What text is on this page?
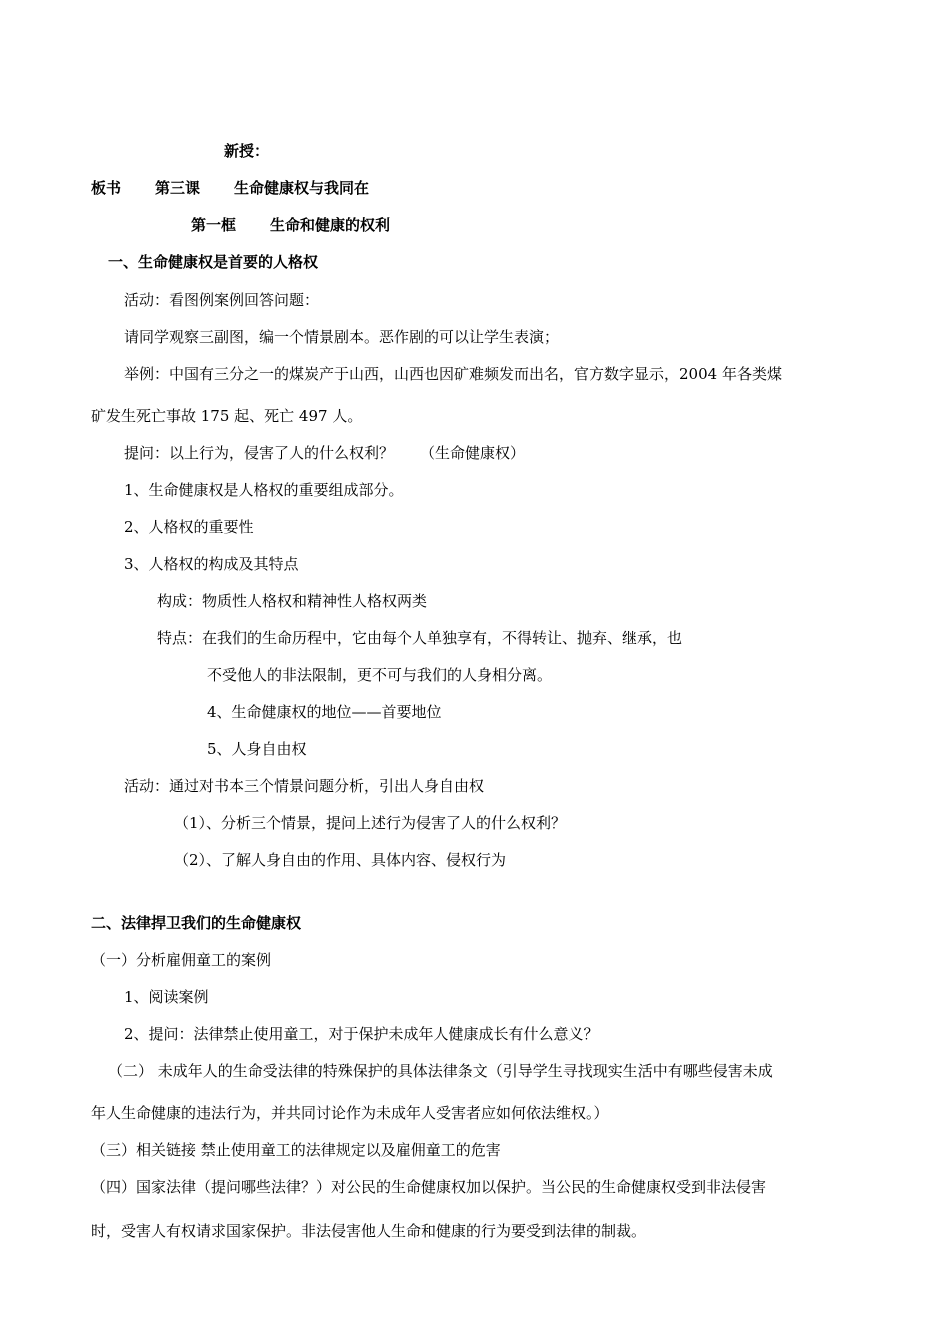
新授：
板书 第三课 生命健康权与我同在
第一框 生命和健康的权利
一、生命健康权是首要的人格权
活动：看图例案例回答问题：
请同学观察三副图，编一个情景剧本。恶作剧的可以让学生表演；
举例：中国有三分之一的煤炭产于山西，山西也因矿难频发而出名，官方数字显示，2004 年各类煤
矿发生死亡事故 175 起、死亡 497 人。
提问：以上行为，侵害了人的什么权利？ （生命健康权）
1、生命健康权是人格权的重要组成部分。
2、人格权的重要性
3、人格权的构成及其特点
构成：物质性人格权和精神性人格权两类
特点：在我们的生命历程中，它由每个人单独享有，不得转让、抛弃、继承，也
不受他人的非法限制，更不可与我们的人身相分离。
4、生命健康权的地位——首要地位
5、人身自由权
活动：通过对书本三个情景问题分析，引出人身自由权
（1）、分析三个情景，提问上述行为侵害了人的什么权利？
（2）、了解人身自由的作用、具体内容、侵权行为
二、法律捍卫我们的生命健康权
（一）分析雇佣童工的案例
1、阅读案例
2、提问：法律禁止使用童工，对于保护未成年人健康成长有什么意义？
（二） 未成年人的生命受法律的特殊保护的具体法律条文（引导学生寻找现实生活中有哪些侵害未成
年人生命健康的违法行为，并共同讨论作为未成年人受害者应如何依法维权。）
（三）相关链接 禁止使用童工的法律规定以及雇佣童工的危害
（四）国家法律（提问哪些法律？）对公民的生命健康权加以保护。当公民的生命健康权受到非法侵害
时，受害人有权请求国家保护。非法侵害他人生命和健康的行为要受到法律的制裁。
